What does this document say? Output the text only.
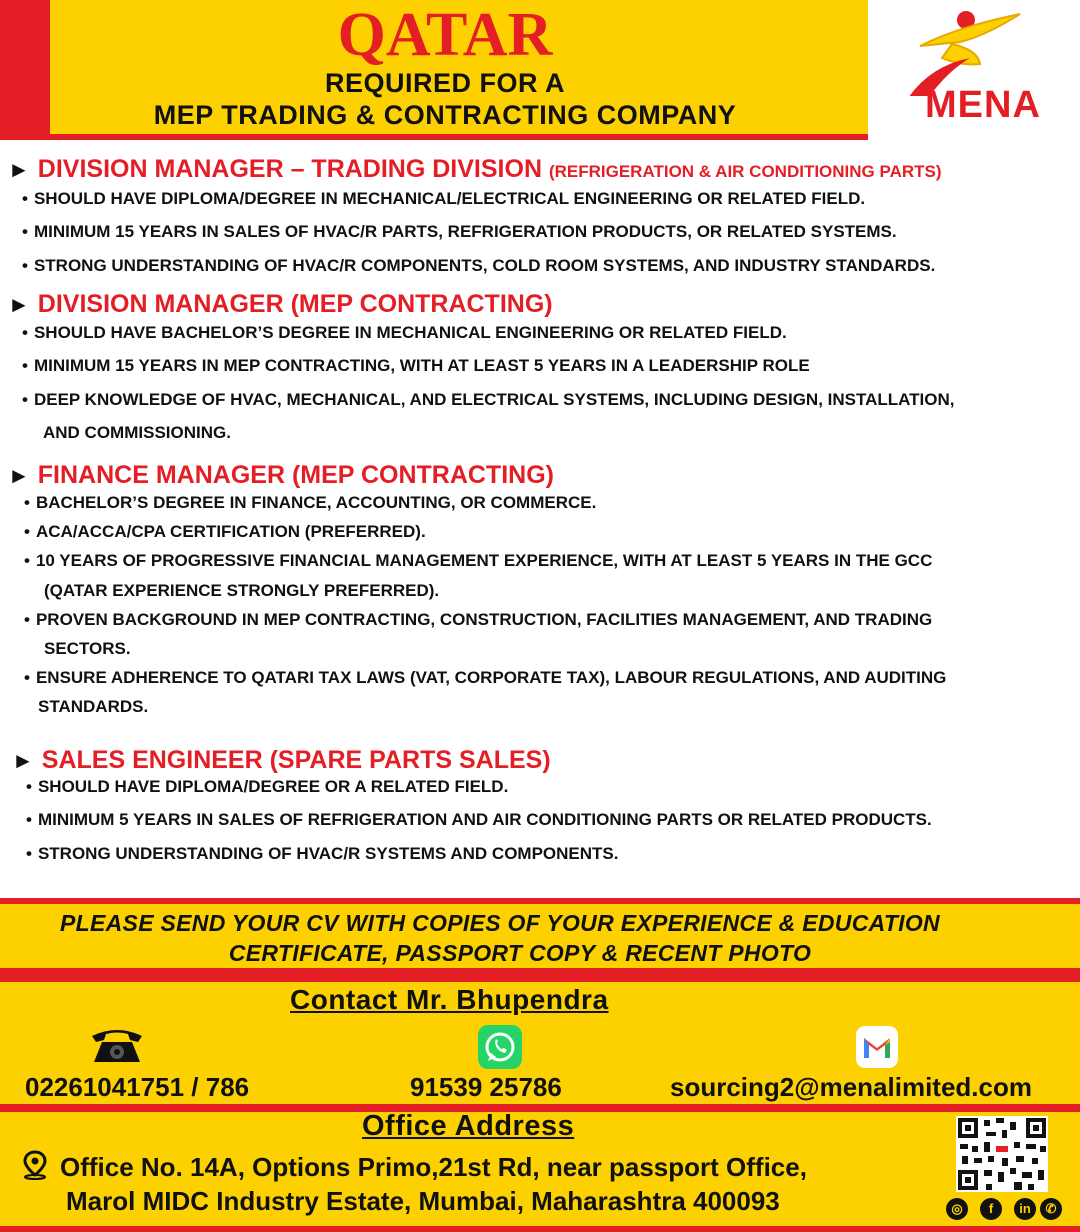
QATAR
REQUIRED FOR A
MEP TRADING & CONTRACTING COMPANY	MENA
► DIVISION MANAGER – TRADING DIVISION (REFRIGERATION & AIR CONDITIONING PARTS)
• SHOULD HAVE DIPLOMA/DEGREE IN MECHANICAL/ELECTRICAL ENGINEERING OR RELATED FIELD.
• MINIMUM 15 YEARS IN SALES OF HVAC/R PARTS, REFRIGERATION PRODUCTS, OR RELATED SYSTEMS.
• STRONG UNDERSTANDING OF HVAC/R COMPONENTS, COLD ROOM SYSTEMS, AND INDUSTRY STANDARDS.
► DIVISION MANAGER (MEP CONTRACTING)
• SHOULD HAVE BACHELOR’S DEGREE IN MECHANICAL ENGINEERING OR RELATED FIELD.
• MINIMUM 15 YEARS IN MEP CONTRACTING, WITH AT LEAST 5 YEARS IN A LEADERSHIP ROLE
• DEEP KNOWLEDGE OF HVAC, MECHANICAL, AND ELECTRICAL SYSTEMS, INCLUDING DESIGN, INSTALLATION,
AND COMMISSIONING.
► FINANCE MANAGER (MEP CONTRACTING)
• BACHELOR’S DEGREE IN FINANCE, ACCOUNTING, OR COMMERCE.
• ACA/ACCA/CPA CERTIFICATION (PREFERRED).
• 10 YEARS OF PROGRESSIVE FINANCIAL MANAGEMENT EXPERIENCE, WITH AT LEAST 5 YEARS IN THE GCC
(QATAR EXPERIENCE STRONGLY PREFERRED).
• PROVEN BACKGROUND IN MEP CONTRACTING, CONSTRUCTION, FACILITIES MANAGEMENT, AND TRADING
SECTORS.
• ENSURE ADHERENCE TO QATARI TAX LAWS (VAT, CORPORATE TAX), LABOUR REGULATIONS, AND AUDITING
STANDARDS.
► SALES ENGINEER (SPARE PARTS SALES)
• SHOULD HAVE DIPLOMA/DEGREE OR A RELATED FIELD.
• MINIMUM 5 YEARS IN SALES OF REFRIGERATION AND AIR CONDITIONING PARTS OR RELATED PRODUCTS.
• STRONG UNDERSTANDING OF HVAC/R SYSTEMS AND COMPONENTS.
PLEASE SEND YOUR CV WITH COPIES OF YOUR EXPERIENCE & EDUCATION
CERTIFICATE, PASSPORT COPY & RECENT PHOTO
Contact Mr. Bhupendra
02261041751 / 786	91539 25786	sourcing2@menalimited.com
Office Address
Office No. 14A, Options Primo,21st Rd, near passport Office,
Marol MIDC Industry Estate, Mumbai, Maharashtra 400093	◎	f	in	✆
